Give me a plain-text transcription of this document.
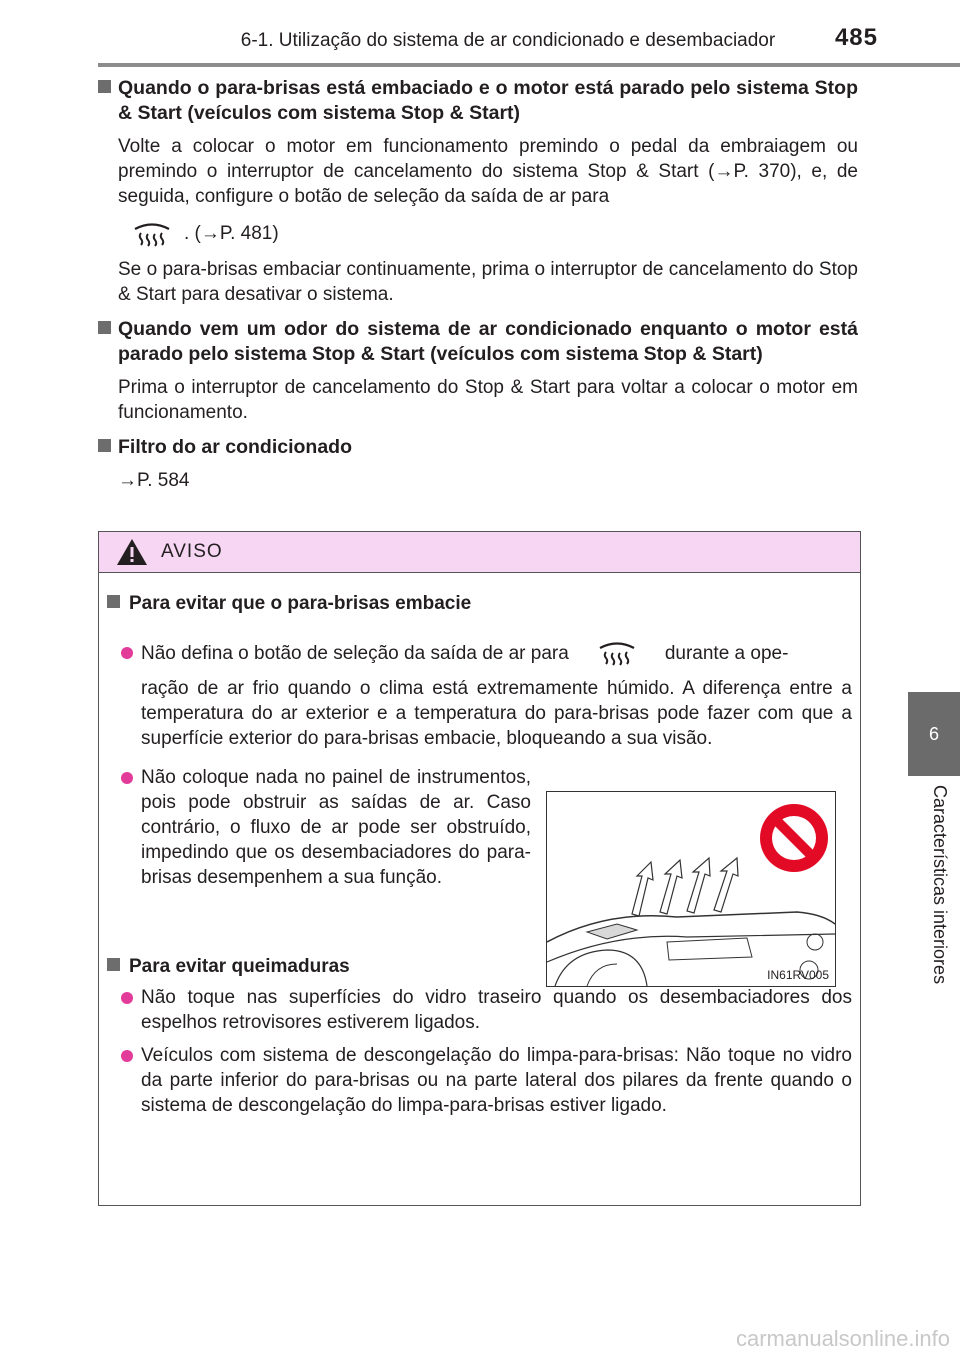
6-1. Utilização do sistema de ar condicionado e desembaciador	485
6
Características interiores
Quando o para-brisas está embaciado e o motor está parado pelo sistema Stop & Start (veículos com sistema Stop & Start)
Volte a colocar o motor em funcionamento premindo o pedal da embraiagem ou premindo o interruptor de cancelamento do sistema Stop & Start (→P. 370), e, de seguida, configure o botão de seleção da saída de ar para
. (→P. 481)
Se o para-brisas embaciar continuamente, prima o interruptor de cancelamento do Stop & Start para desativar o sistema.
Quando vem um odor do sistema de ar condicionado enquanto o motor está parado pelo sistema Stop & Start (veículos com sistema Stop & Start)
Prima o interruptor de cancelamento do Stop & Start para voltar a colocar o motor em funcionamento.
Filtro do ar condicionado
→P. 584
AVISO
Para evitar que o para-brisas embacie
Não defina o botão de seleção da saída de ar para	durante a ope-
ração de ar frio quando o clima está extremamente húmido. A diferença entre a temperatura do ar exterior e a temperatura do para-brisas pode fazer com que a superfície exterior do para-brisas embacie, bloqueando a sua visão.
Não coloque nada no painel de instrumentos, pois pode obstruir as saídas de ar. Caso contrário, o fluxo de ar pode ser obstruído, impedindo que os desembaciadores do para-brisas desempenhem a sua função.
IN61RV005
Para evitar queimaduras
Não toque nas superfícies do vidro traseiro quando os desembaciadores dos espelhos retrovisores estiverem ligados.
Veículos com sistema de descongelação do limpa-para-brisas: Não toque no vidro da parte inferior do para-brisas ou na parte lateral dos pilares da frente quando o sistema de descongelação do limpa-para-brisas estiver ligado.
carmanualsonline.info
